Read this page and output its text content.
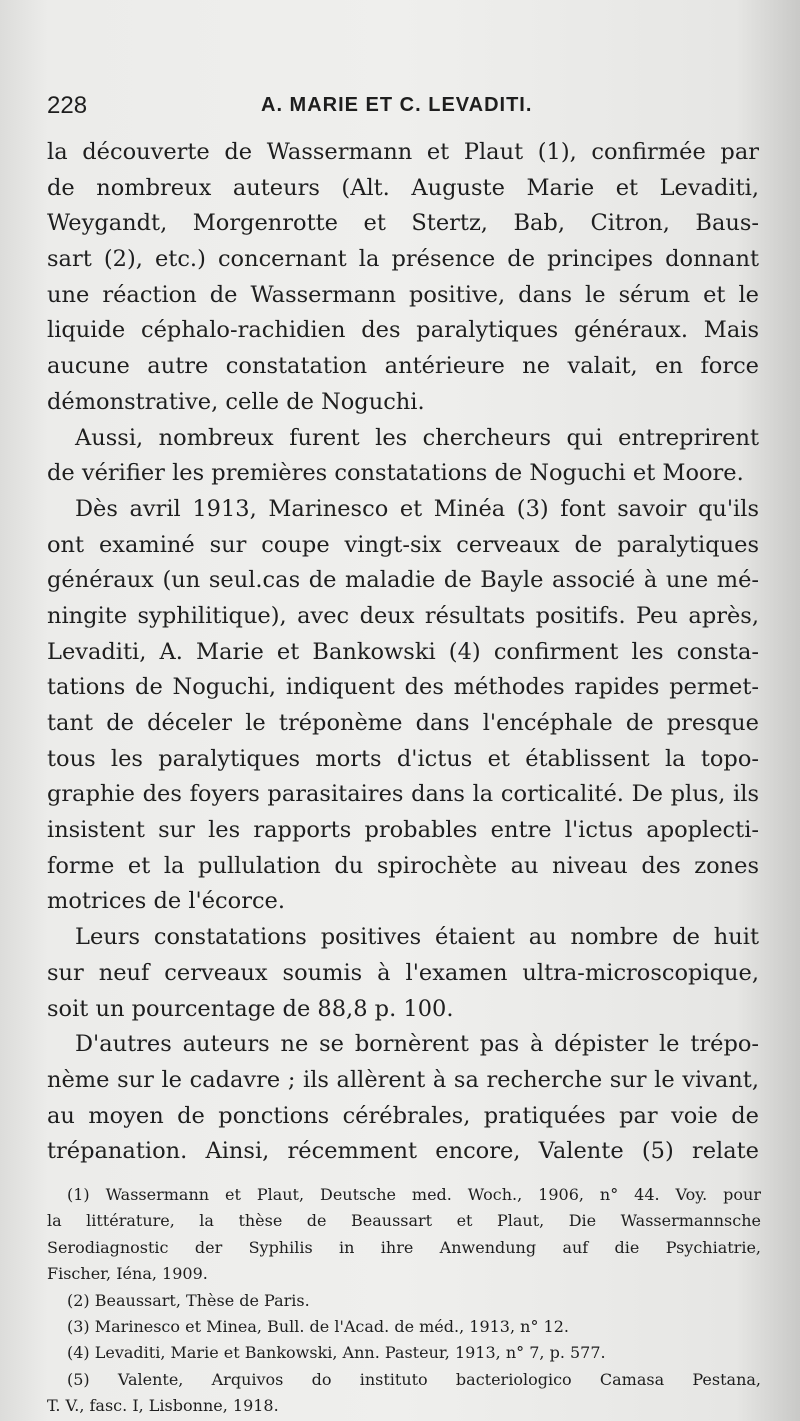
228	A. MARIE ET C. LEVADITI.
la découverte de Wassermann et Plaut (1), confirmée par
de nombreux auteurs (Alt. Auguste Marie et Levaditi,
Weygandt, Morgenrotte et Stertz, Bab, Citron, Baus-
sart (2), etc.) concernant la présence de principes donnant
une réaction de Wassermann positive, dans le sérum et le
liquide céphalo-rachidien des paralytiques généraux. Mais
aucune autre constatation antérieure ne valait, en force
démonstrative, celle de Noguchi.
Aussi, nombreux furent les chercheurs qui entreprirent
de vérifier les premières constatations de Noguchi et Moore.
Dès avril 1913, Marinesco et Minéa (3) font savoir qu'ils
ont examiné sur coupe vingt-six cerveaux de paralytiques
généraux (un seul.cas de maladie de Bayle associé à une mé-
ningite syphilitique), avec deux résultats positifs. Peu après,
Levaditi, A. Marie et Bankowski (4) confirment les consta-
tations de Noguchi, indiquent des méthodes rapides permet-
tant de déceler le tréponème dans l'encéphale de presque
tous les paralytiques morts d'ictus et établissent la topo-
graphie des foyers parasitaires dans la corticalité. De plus, ils
insistent sur les rapports probables entre l'ictus apoplecti-
forme et la pullulation du spirochète au niveau des zones
motrices de l'écorce.
Leurs constatations positives étaient au nombre de huit
sur neuf cerveaux soumis à l'examen ultra-microscopique,
soit un pourcentage de 88,8 p. 100.
D'autres auteurs ne se bornèrent pas à dépister le trépo-
nème sur le cadavre ; ils allèrent à sa recherche sur le vivant,
au moyen de ponctions cérébrales, pratiquées par voie de
trépanation. Ainsi, récemment encore, Valente (5) relate
(1) Wassermann et Plaut, Deutsche med. Woch., 1906, n° 44. Voy. pour
la littérature, la thèse de Beaussart et Plaut, Die Wassermannsche
Serodiagnostic der Syphilis in ihre Anwendung auf die Psychiatrie,
Fischer, Iéna, 1909.
(2) Beaussart, Thèse de Paris.
(3) Marinesco et Minea, Bull. de l'Acad. de méd., 1913, n° 12.
(4) Levaditi, Marie et Bankowski, Ann. Pasteur, 1913, n° 7, p. 577.
(5) Valente, Arquivos do instituto bacteriologico Camasa Pestana,
T. V., fasc. I, Lisbonne, 1918.
